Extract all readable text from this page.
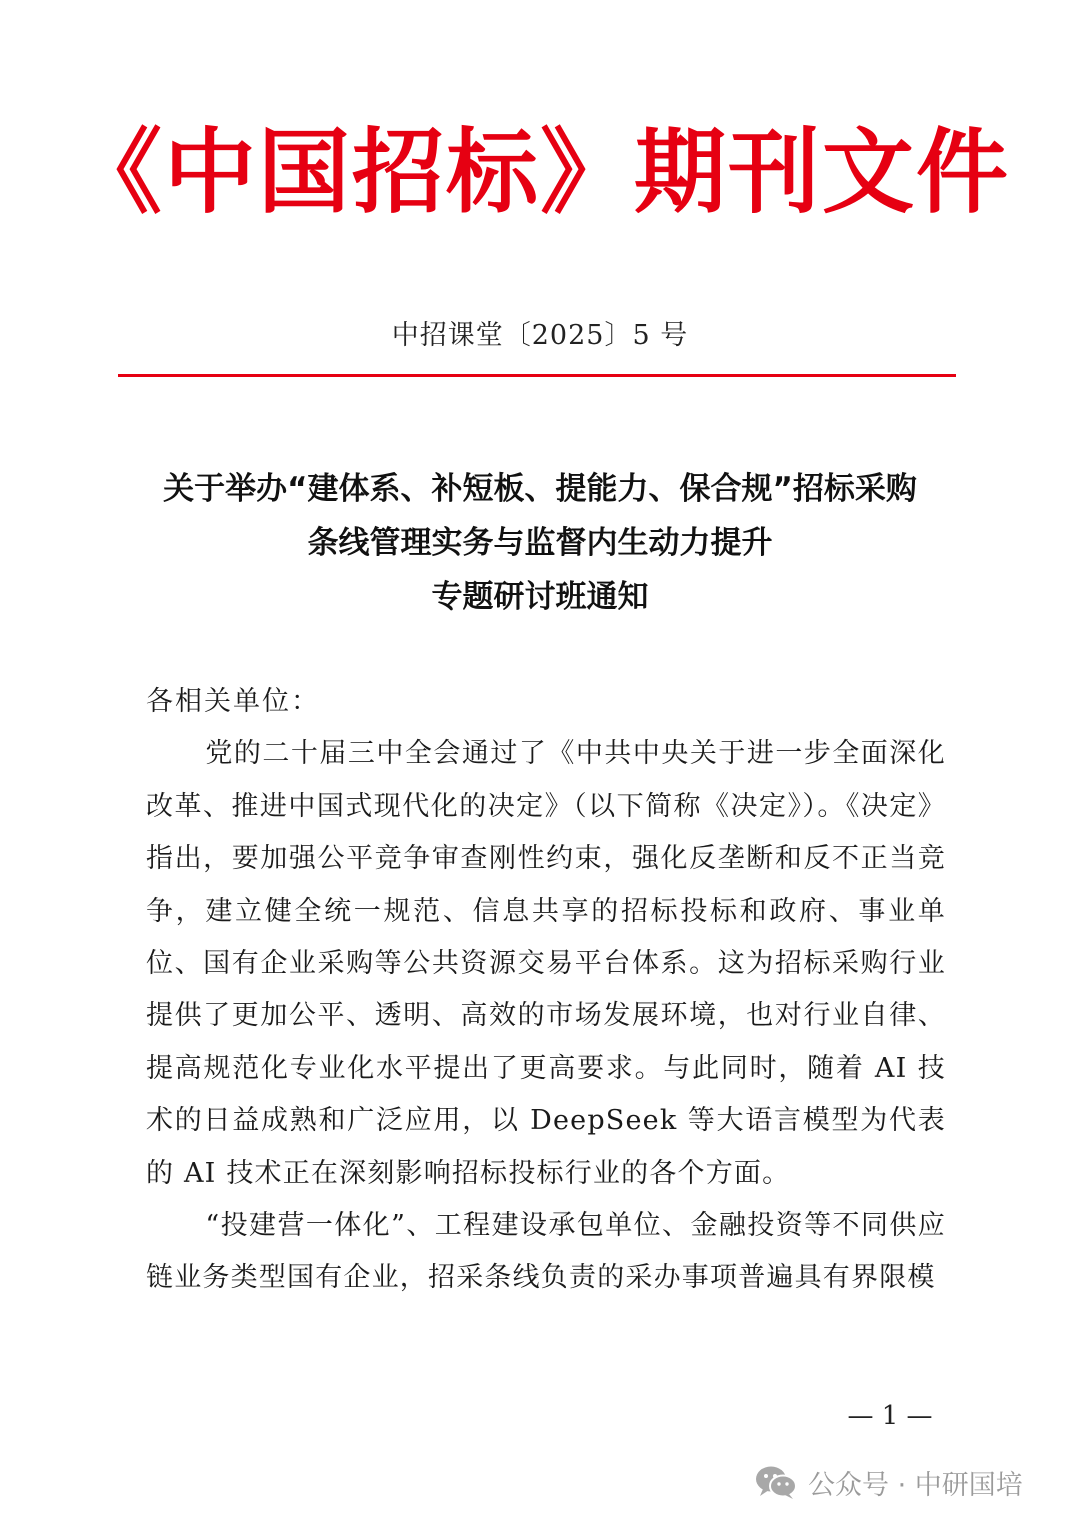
《中国招标》期刊文件
中招课堂〔2025〕5 号
关于举办“建体系、补短板、提能力、保合规”招标采购
条线管理实务与监督内生动力提升
专题研讨班通知
各相关单位：

党的二十届三中全会通过了《中共中央关于进一步全面深化改革、推进中国式现代化的决定》（以下简称《决定》）。《决定》指出，要加强公平竞争审查刚性约束，强化反垄断和反不正当竞争，建立健全统一规范、信息共享的招标投标和政府、事业单位、国有企业采购等公共资源交易平台体系。这为招标采购行业提供了更加公平、透明、高效的市场发展环境，也对行业自律、提高规范化专业化水平提出了更高要求。与此同时，随着 AI 技术的日益成熟和广泛应用，以 DeepSeek 等大语言模型为代表的 AI 技术正在深刻影响招标投标行业的各个方面。

“投建营一体化”、工程建设承包单位、金融投资等不同供应链业务类型国有企业，招采条线负责的采办事项普遍具有界限模

— 1 —
公众号 · 中研国培
